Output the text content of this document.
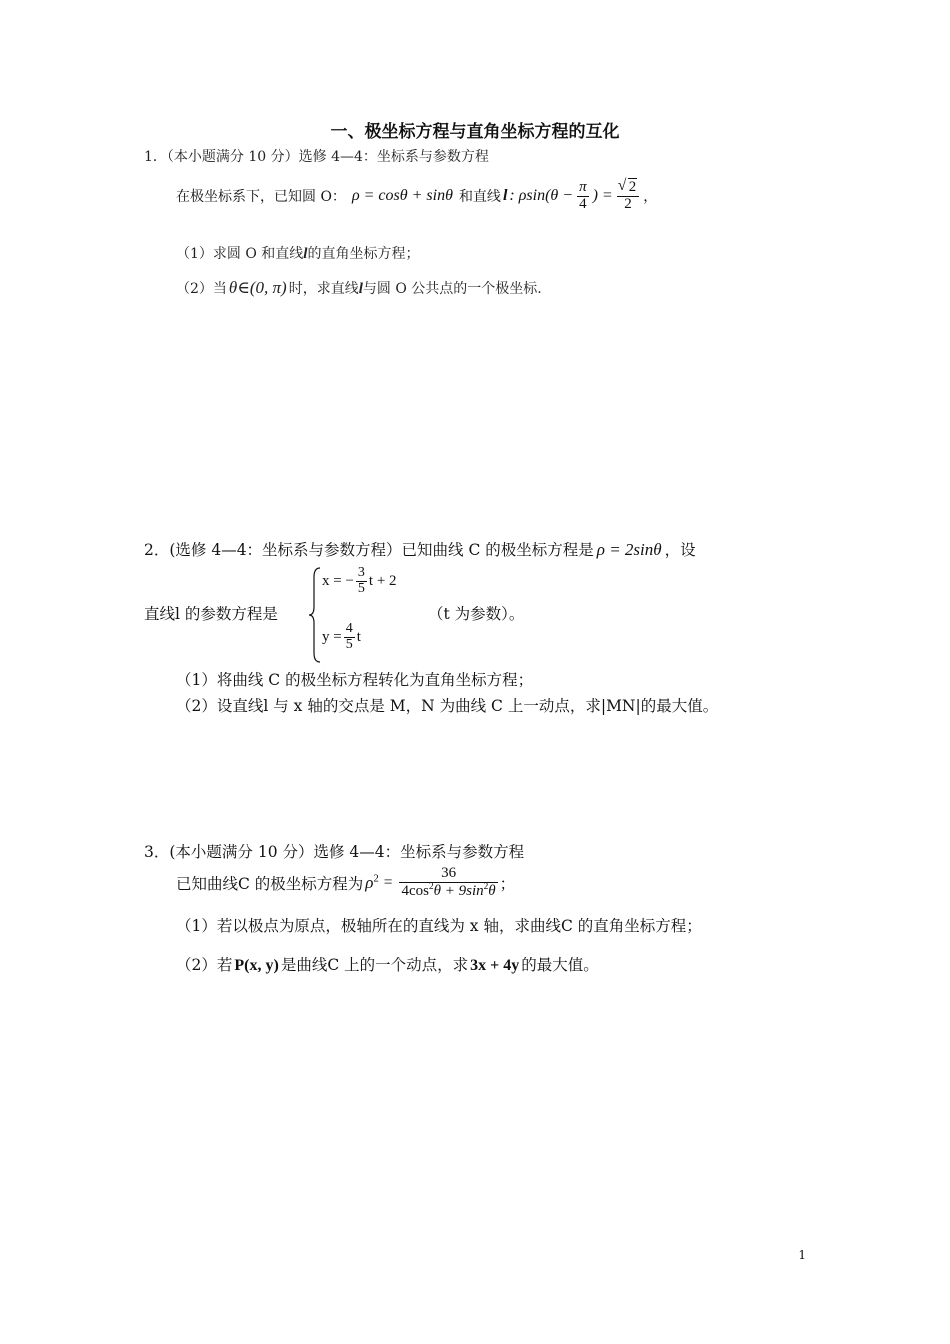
一、极坐标方程与直角坐标方程的互化
1．（本小题满分 10 分）选修 4—4：坐标系与参数方程
在极坐标系下，已知圆 O： ρ = cosθ + sinθ 和直线 l : $\rho\sin(\theta - \frac{\pi}{4}$ ) =
√ $\frac{2}{2}$ ，
（1）求圆 O 和直线l的直角坐标方程；
（2）当 θ∈(0, π) 时，求直线l与圆 O 公共点的一个极坐标.
2．(选修 4—4：坐标系与参数方程）已知曲线 C 的极坐标方程是 ρ = 2sinθ ，设
直线l 的参数方程是
x = − $\frac{3}{5}$ t + 2
$y = \frac{4}{5}$ t
（t 为参数）。
（1）将曲线 C 的极坐标方程转化为直角坐标方程；
（2）设直线l 与 x 轴的交点是 M，N 为曲线 C 上一动点，求|MN|的最大值。
3．(本小题满分 10 分）选修 4—4：坐标系与参数方程
已知曲线C 的极坐标方程为 $\rho^2 = \frac{36}{4\cos^2\theta + 9\sin^2\theta}$ ；
（1）若以极点为原点，极轴所在的直线为 x 轴，求曲线C 的直角坐标方程；
（2）若 P(x, y) 是曲线C 上的一个动点，求 3x + 4y 的最大值。
1
